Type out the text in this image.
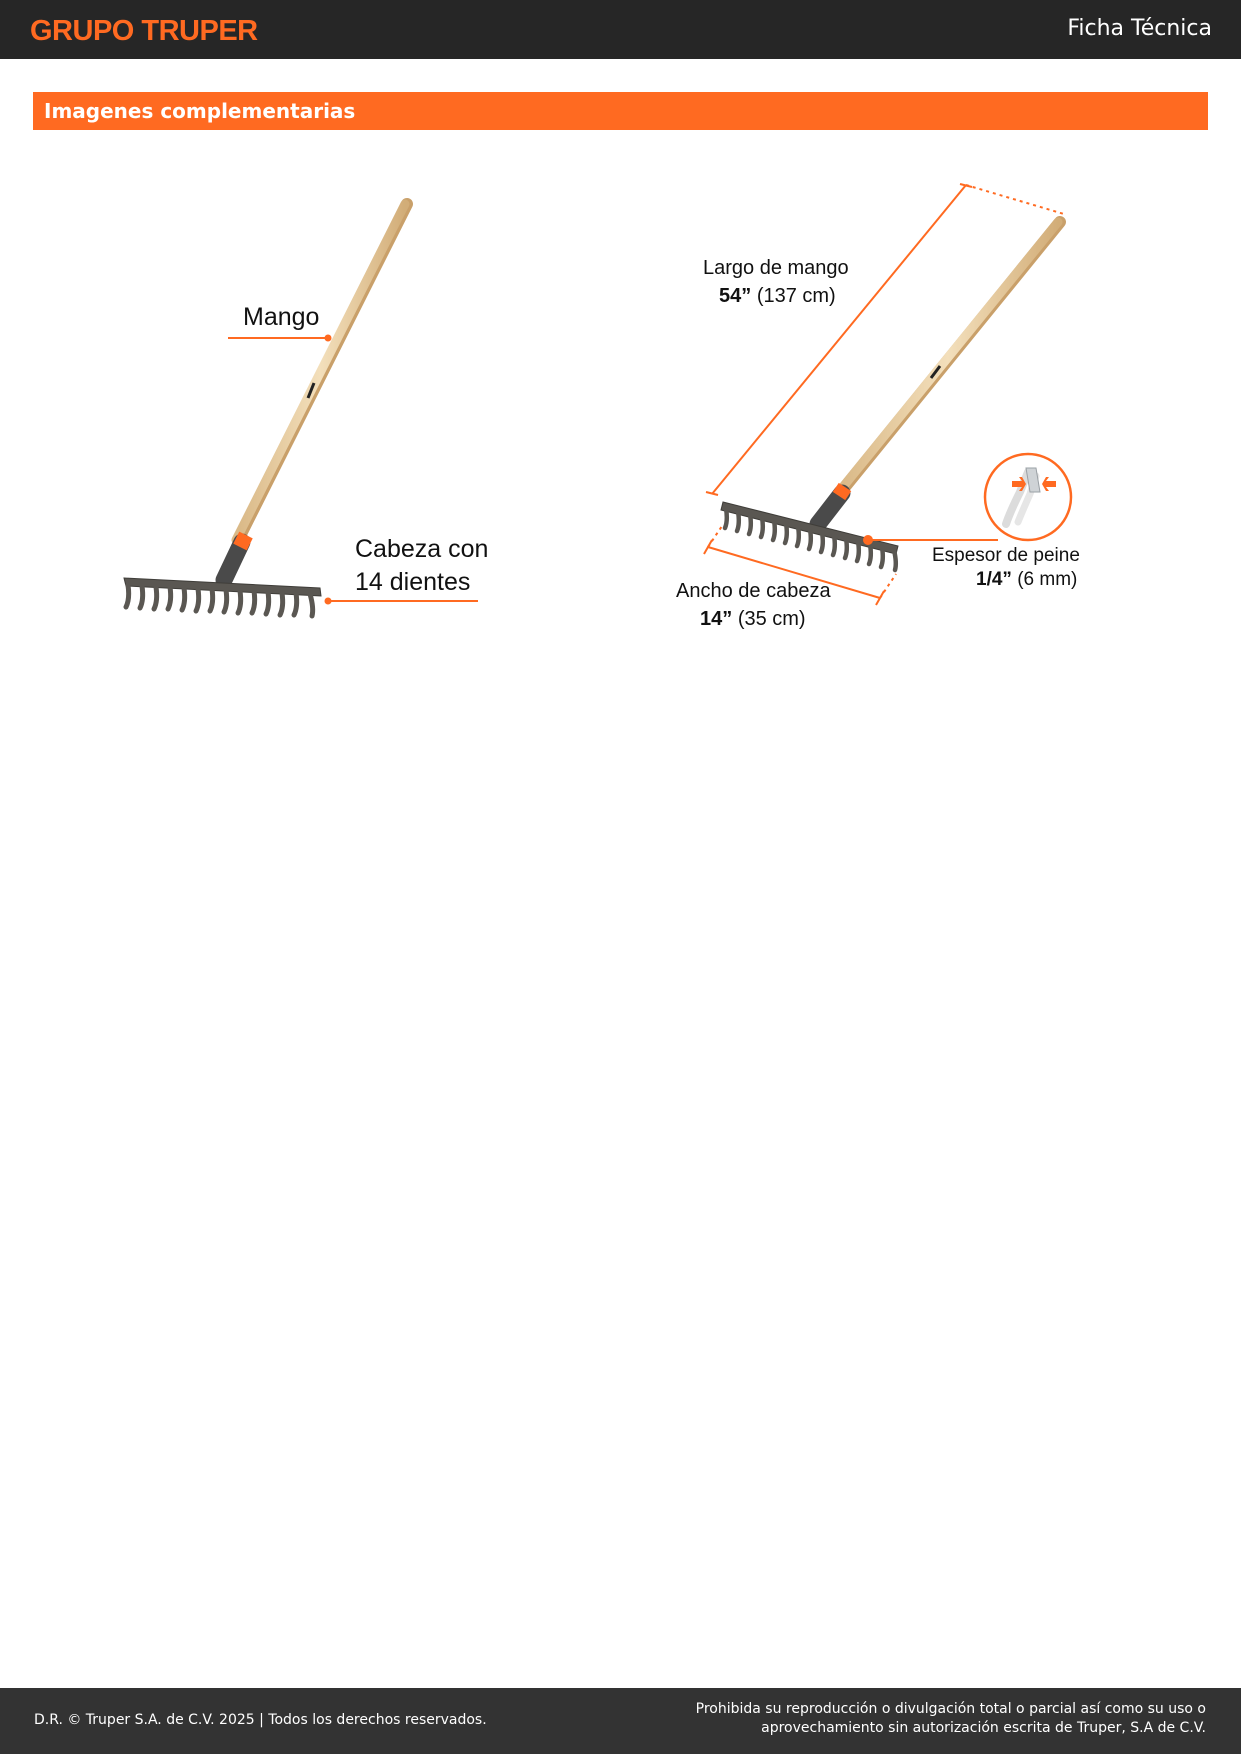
GRUPO TRUPER	Ficha Técnica
Imagenes complementarias
Mango
Cabeza con
14 dientes
Largo de mango
54” (137 cm)
Ancho de cabeza
14” (35 cm)
Espesor de peine
1/4” (6 mm)
D.R. © Truper S.A. de C.V. 2025 | Todos los derechos reservados.
Prohibida su reproducción o divulgación total o parcial así como su uso o
aprovechamiento sin autorización escrita de Truper, S.A de C.V.
